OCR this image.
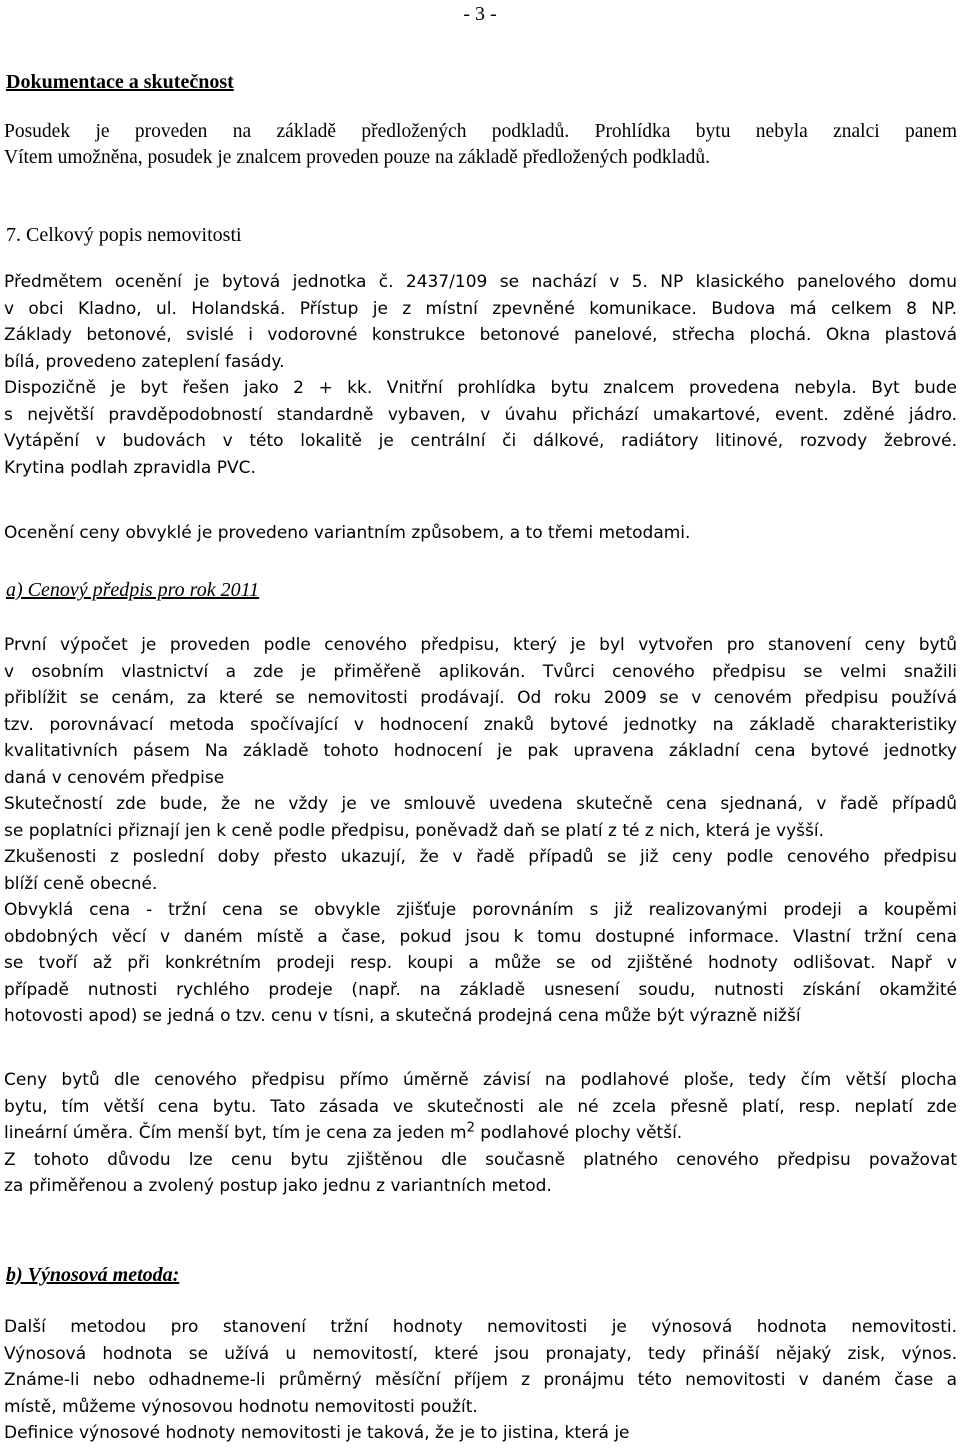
- 3 -
Dokumentace a skutečnost
Posudek je proveden na základě předložených podkladů. Prohlídka bytu nebyla znalci panem
Vítem umožněna, posudek je znalcem proveden pouze na základě předložených podkladů.
7. Celkový popis nemovitosti
Předmětem ocenění je bytová jednotka č. 2437/109 se nachází v 5. NP klasického panelového domu
v obci Kladno, ul. Holandská. Přístup je z místní zpevněné komunikace. Budova má celkem 8 NP.
Základy betonové, svislé i vodorovné konstrukce betonové panelové, střecha plochá. Okna plastová
bílá, provedeno zateplení fasády.
Dispozičně je byt řešen jako 2 + kk. Vnitřní prohlídka bytu znalcem provedena nebyla. Byt bude
s největší pravděpodobností standardně vybaven, v úvahu přichází umakartové, event. zděné jádro.
Vytápění v budovách v této lokalitě je centrální či dálkové, radiátory litinové, rozvody žebrové.
Krytina podlah zpravidla PVC.
Ocenění ceny obvyklé je provedeno variantním způsobem, a to třemi metodami.
a) Cenový předpis pro rok 2011
První výpočet je proveden podle cenového předpisu, který je byl vytvořen pro stanovení ceny bytů
v osobním vlastnictví a zde je přiměřeně aplikován. Tvůrci cenového předpisu se velmi snažili
přiblížit se cenám, za které se nemovitosti prodávají. Od roku 2009 se v cenovém předpisu používá
tzv. porovnávací metoda spočívající v hodnocení znaků bytové jednotky na základě charakteristiky
kvalitativních pásem Na základě tohoto hodnocení je pak upravena základní cena bytové jednotky
daná v cenovém předpise
Skutečností zde bude, že ne vždy je ve smlouvě uvedena skutečně cena sjednaná, v řadě případů
se poplatníci přiznají jen k ceně podle předpisu, poněvadž daň se platí z té z nich, která je vyšší.
Zkušenosti z poslední doby přesto ukazují, že v řadě případů se již ceny podle cenového předpisu
blíží ceně obecné.
Obvyklá cena - tržní cena se obvykle zjišťuje porovnáním s již realizovanými prodeji a koupěmi
obdobných věcí v daném místě a čase, pokud jsou k tomu dostupné informace. Vlastní tržní cena
se tvoří až při konkrétním prodeji resp. koupi a může se od zjištěné hodnoty odlišovat. Např v
případě nutnosti rychlého prodeje (např. na základě usnesení soudu, nutnosti získání okamžité
hotovosti apod) se jedná o tzv. cenu v tísni, a skutečná prodejná cena může být výrazně nižší
Ceny bytů dle cenového předpisu přímo úměrně závisí na podlahové ploše, tedy čím větší plocha
bytu, tím větší cena bytu. Tato zásada ve skutečnosti ale né zcela přesně platí, resp. neplatí zde
lineární úměra. Čím menší byt, tím je cena za jeden $m^2$ podlahové plochy větší.
Z tohoto důvodu lze cenu bytu zjištěnou dle současně platného cenového předpisu považovat
za přiměřenou a zvolený postup jako jednu z variantních metod.
b) Výnosová metoda:
Další metodou pro stanovení tržní hodnoty nemovitosti je výnosová hodnota nemovitosti.
Výnosová hodnota se užívá u nemovitostí, které jsou pronajaty, tedy přináší nějaký zisk, výnos.
Známe-li nebo odhadneme-li průměrný měsíční příjem z pronájmu této nemovitosti v daném čase a
místě, můžeme výnosovou hodnotu nemovitosti použít.
Definice výnosové hodnoty nemovitosti je taková, že je to jistina, která je
